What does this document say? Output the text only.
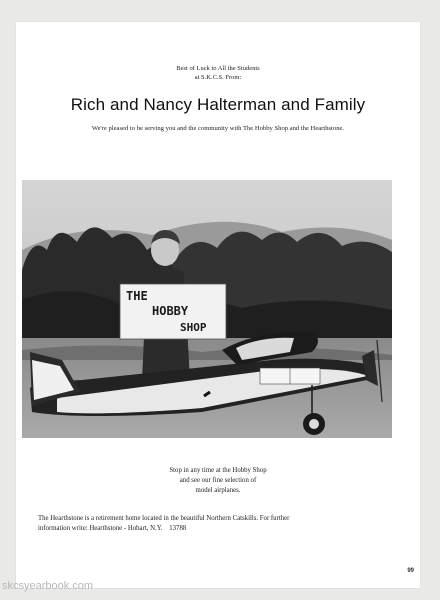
Best of Luck to All the Students
at S.K.C.S. From:
Rich and Nancy Halterman and Family
We're pleased to be serving you and the community with The Hobby Shop and the Hearthstone.
THE
HOBBY
SHOP
Stop in any time at the Hobby Shop
and see our fine selection of
model airplanes.
The Hearthstone is a retirement home located in the beautiful Northern Catskills. For further
information write: Hearthstone - Hobart, N.Y.    13788
99
skcsyearbook.com
